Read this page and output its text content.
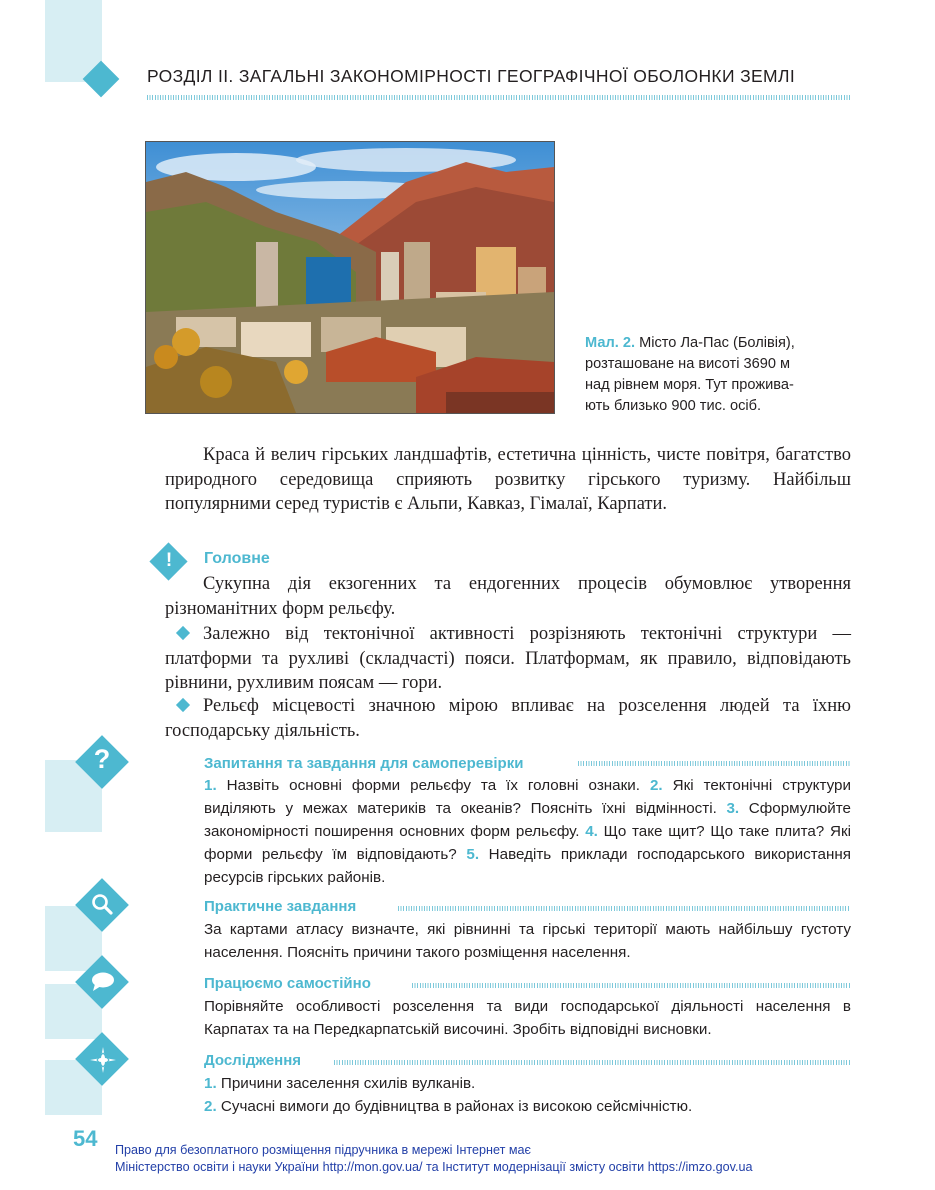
РОЗДІЛ ІІ. ЗАГАЛЬНІ ЗАКОНОМІРНОСТІ ГЕОГРАФІЧНОЇ ОБОЛОНКИ ЗЕМЛІ
Мал. 2. Місто Ла-Пас (Болівія),
розташоване на висоті 3690 м
над рівнем моря. Тут прожива-
ють близько 900 тис. осіб.
Краса й велич гірських ландшафтів, естетична цінність, чисте повітря, багатство природного середовища сприяють розвитку гірського туризму. Найбільш популярними серед туристів є Альпи, Кавказ, Гімалаї, Карпати.
!	Головне
Сукупна дія екзогенних та ендогенних процесів обумовлює утворення різноманітних форм рельєфу.
Залежно від тектонічної активності розрізняють тектонічні структури — платформи та рухливі (складчасті) пояси. Платформам, як правило, відповідають рівнини, рухливим поясам — гори.
Рельєф місцевості значною мірою впливає на розселення людей та їхню господарську діяльність.
?	Запитання та завдання для самоперевірки
1. Назвіть основні форми рельєфу та їх головні ознаки. 2. Які тектонічні структури виділяють у межах материків та океанів? Поясніть їхні відмінності. 3. Сформулюйте закономірності поширення основних форм рельєфу. 4. Що таке щит? Що таке плита? Які форми рельєфу їм відповідають? 5. Наведіть приклади господарського використання ресурсів гірських районів.
Практичне завдання
За картами атласу визначте, які рівнинні та гірські території мають найбільшу густоту населення. Поясніть причини такого розміщення населення.
Працюємо самостійно
Порівняйте особливості розселення та види господарської діяльності населення в Карпатах та на Передкарпатській височині. Зробіть відповідні висновки.
Дослідження
1. Причини заселення схилів вулканів.
2. Сучасні вимоги до будівництва в районах із високою сейсмічністю.
54 Право для безоплатного розміщення підручника в мережі Інтернет має
Міністерство освіти і науки України http://mon.gov.ua/ та Інститут модернізації змісту освіти https://imzo.gov.ua
